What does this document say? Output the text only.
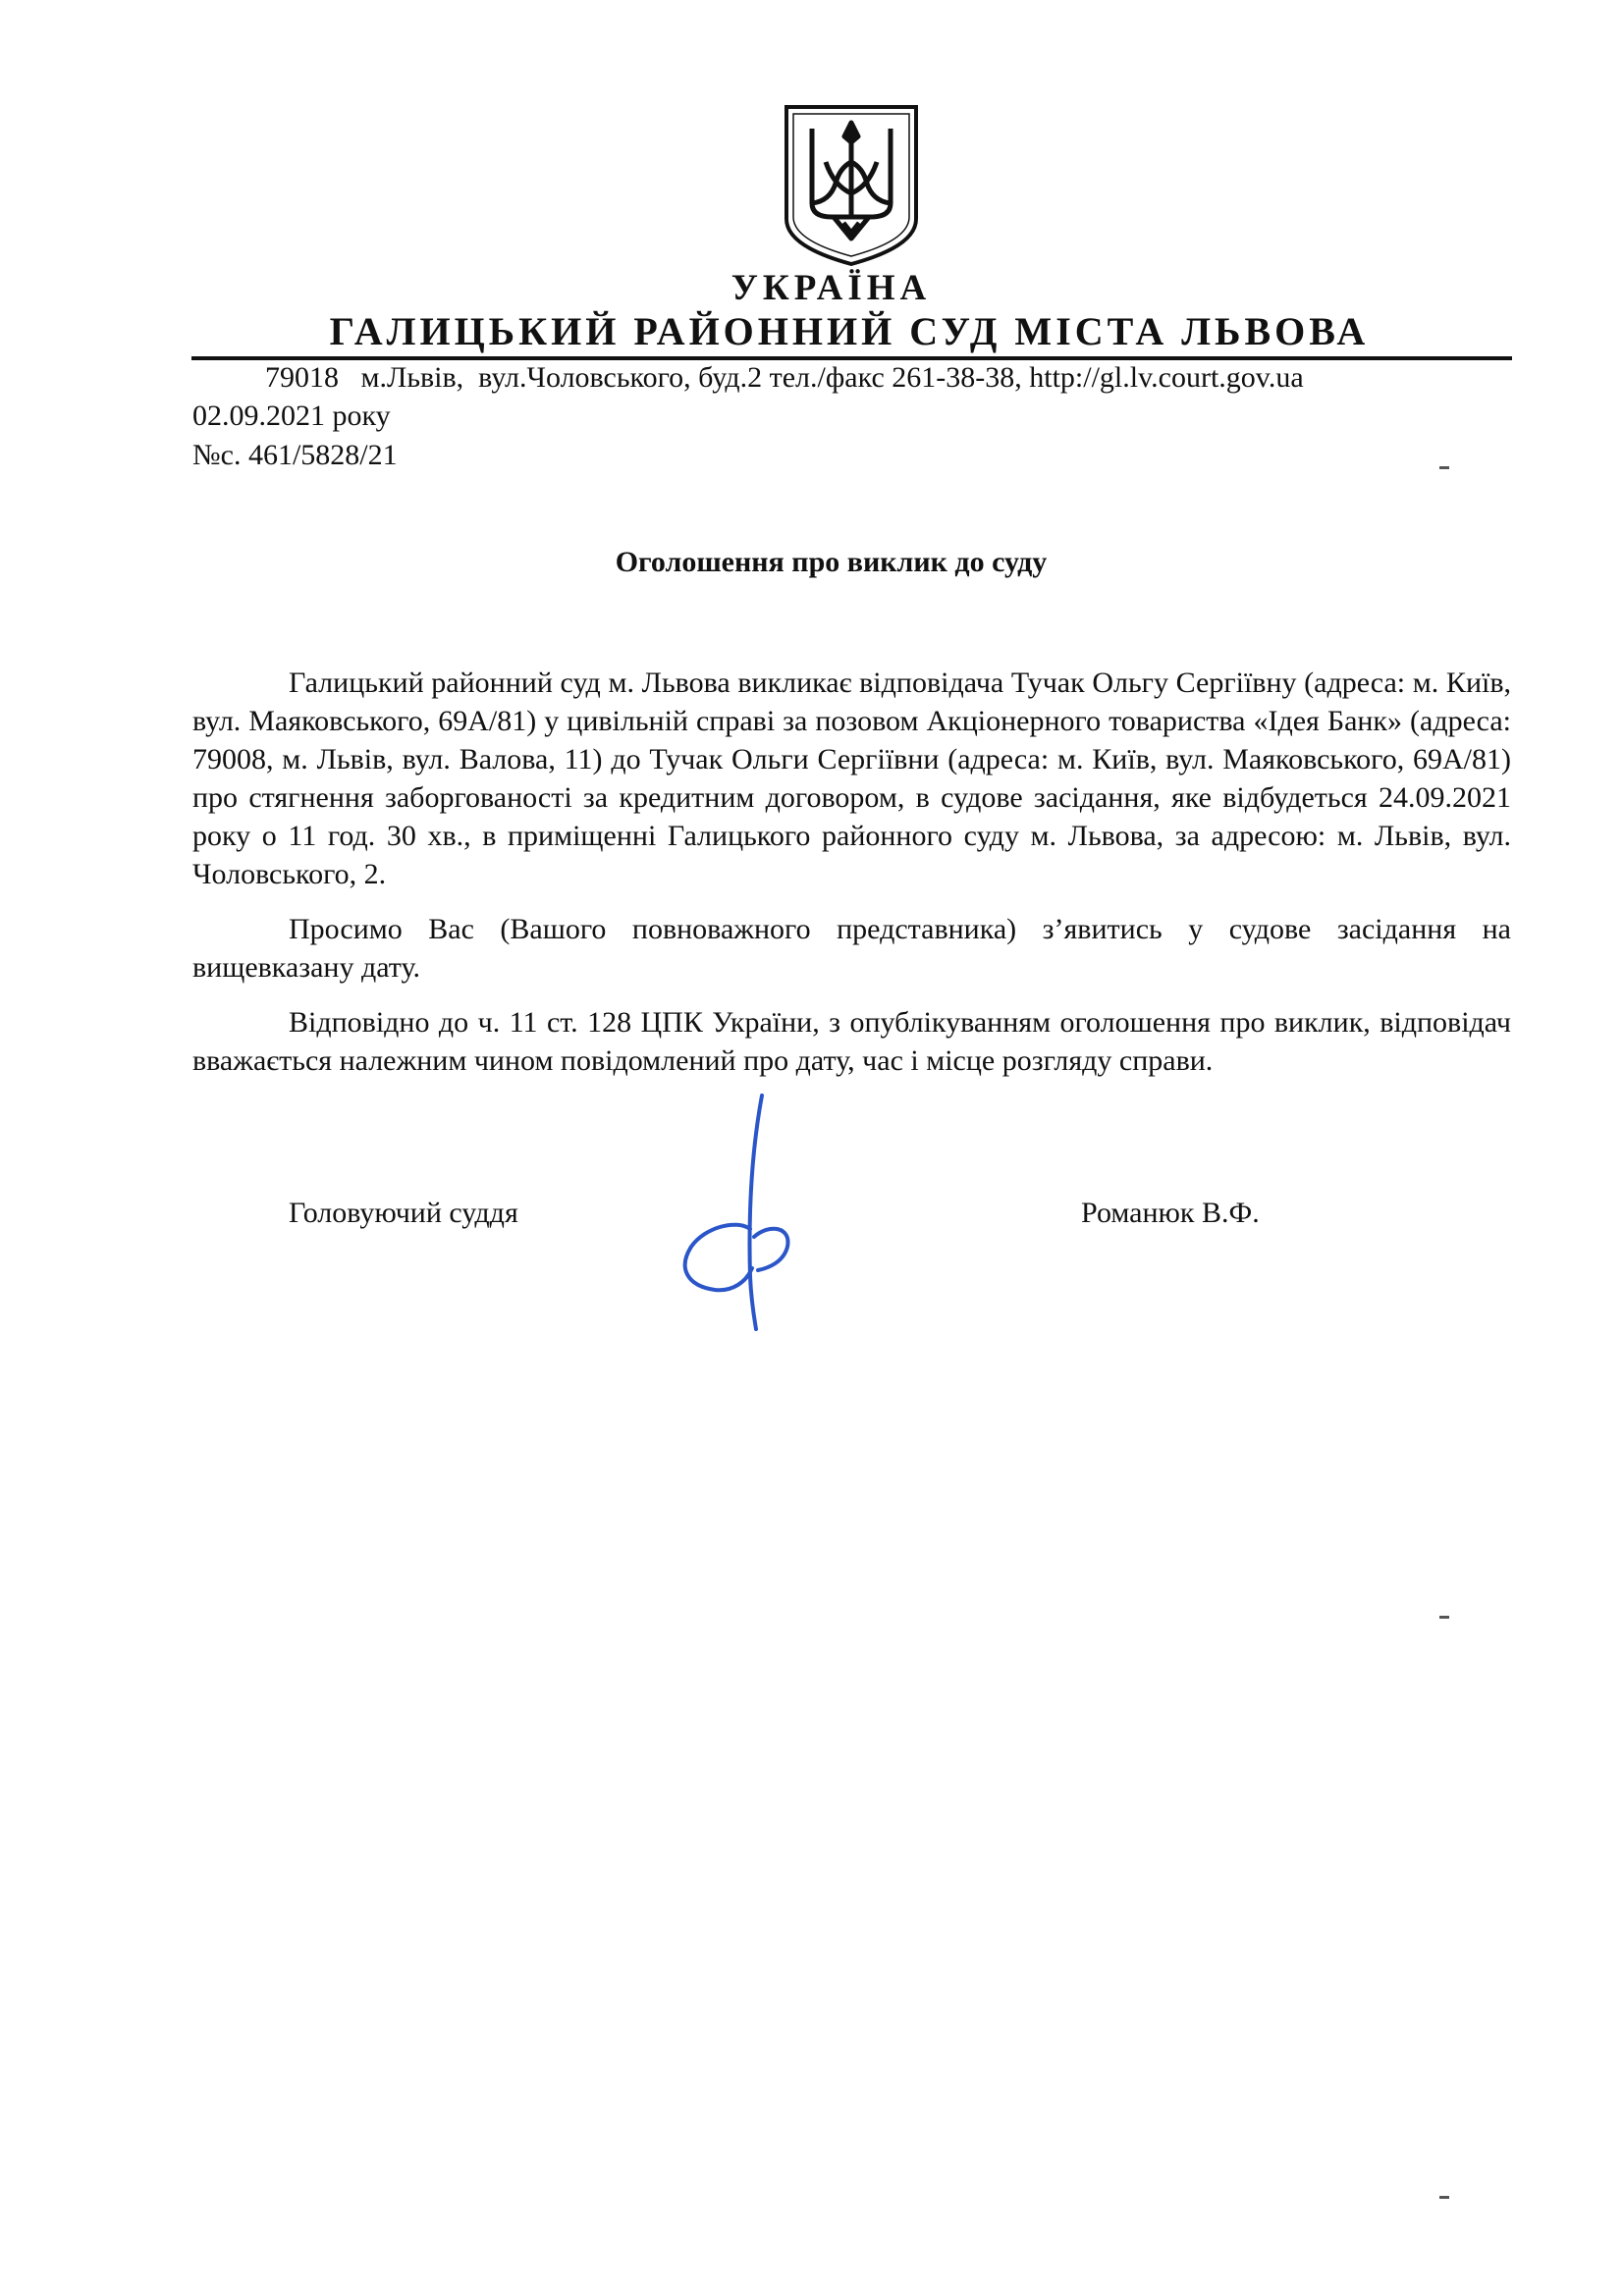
УКРАЇНА
ГАЛИЦЬКИЙ РАЙОННИЙ СУД МІСТА ЛЬВОВА
79018   м.Львів,  вул.Чоловського, буд.2 тел./факс 261-38-38, http://gl.lv.court.gov.ua
02.09.2021 року
№с. 461/5828/21
Оголошення про виклик до суду

Галицький районний суд м. Львова викликає відповідача Тучак Ольгу Сергіївну (адреса: м. Київ, вул. Маяковського, 69А/81) у цивільній справі за позовом Акціонерного товариства «Ідея Банк» (адреса: 79008, м. Львів, вул. Валова, 11) до Тучак Ольги Сергіївни (адреса: м. Київ, вул. Маяковського, 69А/81) про стягнення заборгованості за кредитним договором, в судове засідання, яке відбудеться 24.09.2021 року о 11 год. 30 хв., в приміщенні Галицького районного суду м. Львова, за адресою: м. Львів, вул. Чоловського, 2.

Просимо Вас (Вашого повноважного представника) з’явитись у судове засідання на вищевказану дату.

Відповідно до ч. 11 ст. 128 ЦПК України, з опублікуванням оголошення про виклик, відповідач вважається належним чином повідомлений про дату, час і місце розгляду справи.

Головуючий суддя	Романюк В.Ф.
